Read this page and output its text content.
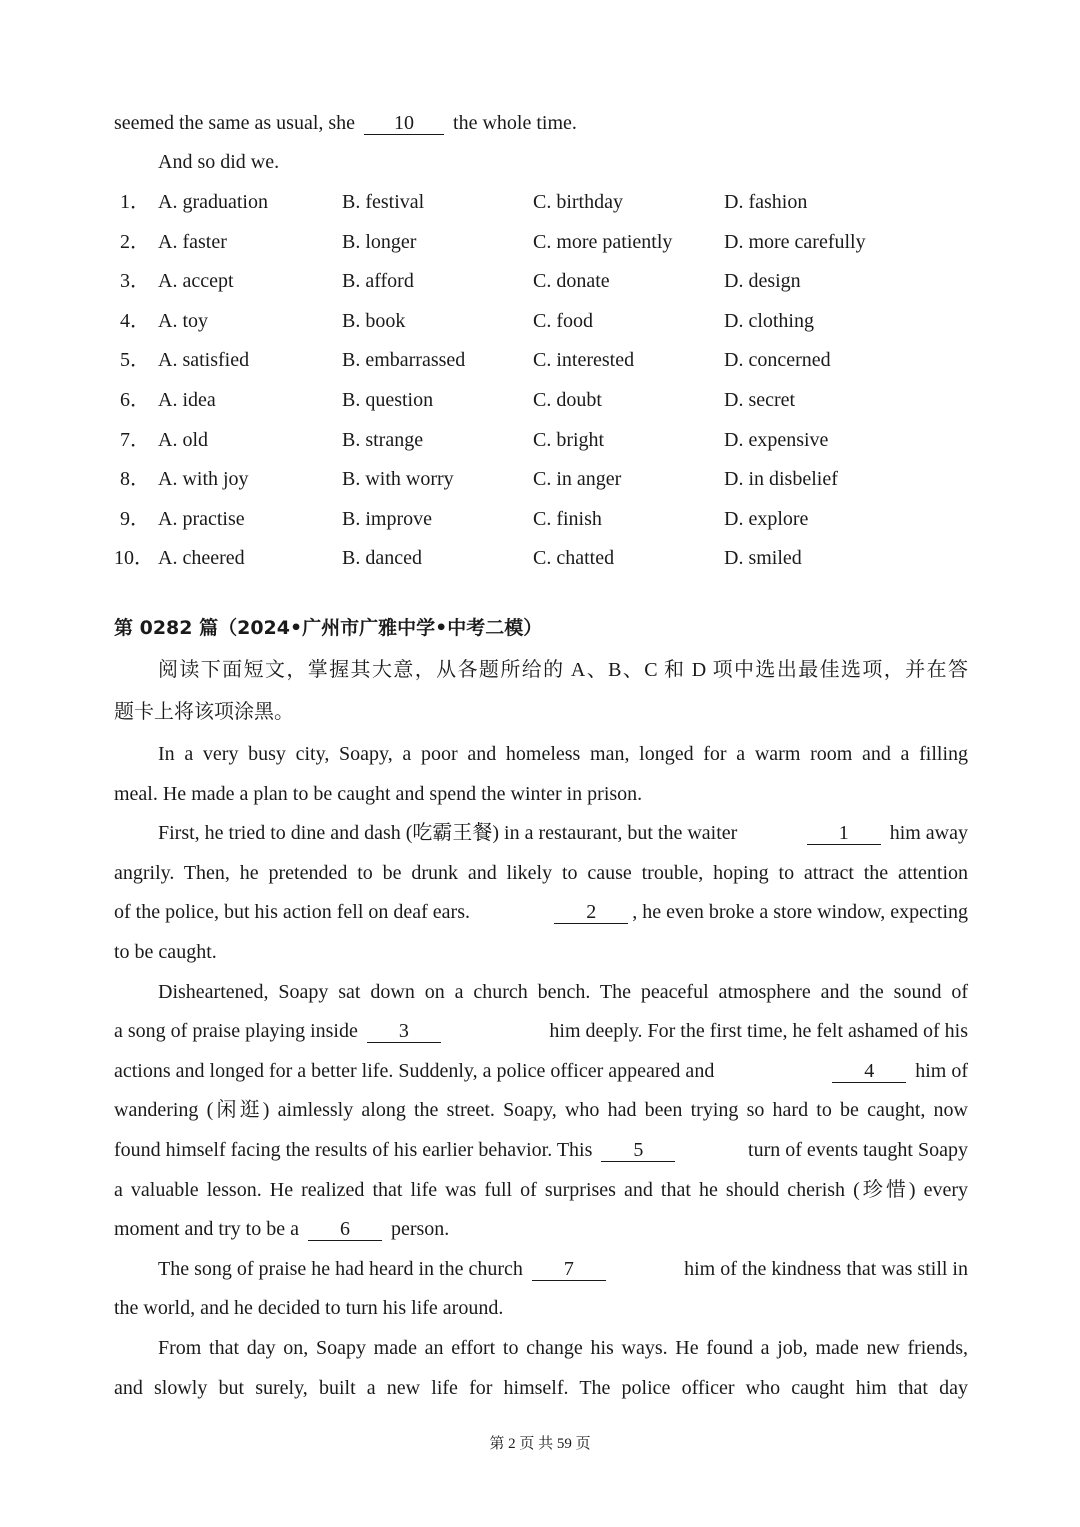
seemed the same as usual, she 10 the whole time.
And so did we.
1． A. graduation	B. festival	C. birthday	D. fashion
2． A. faster	B. longer	C. more patiently	D. more carefully
3． A. accept	B. afford	C. donate	D. design
4． A. toy	B. book	C. food	D. clothing
5． A. satisfied	B. embarrassed	C. interested	D. concerned
6． A. idea	B. question	C. doubt	D. secret
7． A. old	B. strange	C. bright	D. expensive
8． A. with joy	B. with worry	C. in anger	D. in disbelief
9． A. practise	B. improve	C. finish	D. explore
10． A. cheered	B. danced	C. chatted	D. smiled
第 0282 篇（2024•广州市广雅中学•中考二模）
阅读下面短文，掌握其大意，从各题所给的 A、B、C 和 D 项中选出最佳选项，并在答
题卡上将该项涂黑。
In a very busy city, Soapy, a poor and homeless man, longed for a warm room and a filling
meal. He made a plan to be caught and spend the winter in prison.
First, he tried to dine and dash (吃霸王餐) in a restaurant, but the waiter	1 him away
angrily. Then, he pretended to be drunk and likely to cause trouble, hoping to attract the attention
of the police, but his action fell on deaf ears.	2 , he even broke a store window, expecting
to be caught.
Disheartened, Soapy sat down on a church bench. The peaceful atmosphere and the sound of
a song of praise playing inside 3	him deeply. For the first time, he felt ashamed of his
actions and longed for a better life. Suddenly, a police officer appeared and	4 him of
wandering (闲逛) aimlessly along the street. Soapy, who had been trying so hard to be caught, now
found himself facing the results of his earlier behavior. This 5	turn of events taught Soapy
a valuable lesson. He realized that life was full of surprises and that he should cherish (珍惜) every
moment and try to be a 6 person.
The song of praise he had heard in the church 7	him of the kindness that was still in
the world, and he decided to turn his life around.
From that day on, Soapy made an effort to change his ways. He found a job, made new friends,
and slowly but surely, built a new life for himself. The police officer who caught him that day
第 2 页 共 59 页
